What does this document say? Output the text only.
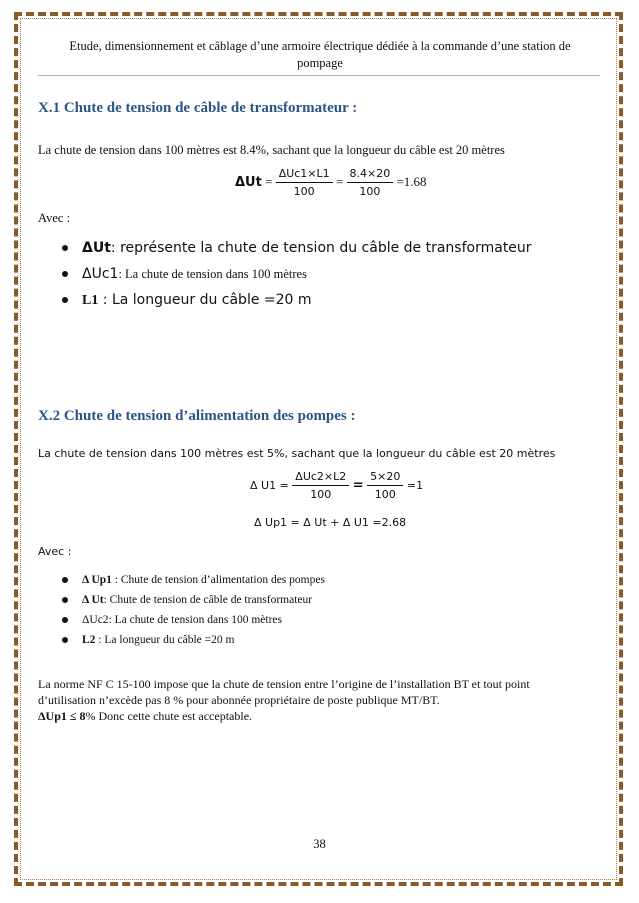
Etude, dimensionnement et câblage d’une armoire électrique dédiée à la commande d’une station de
pompage
X.1 Chute de tension de câble de transformateur :
La chute de tension dans 100 mètres est 8.4%, sachant que la longueur du câble est 20 mètres
$\Delta Ut = \frac{\text{ΔUc1×L1}}{100} = \frac{8.4\times 20}{100} =1.68$
Avec :
ΔUt: représente la chute de tension du câble de transformateur
ΔUc1: La chute de tension dans 100 mètres
L1 : La longueur du câble =20 m
X.2 Chute de tension d’alimentation des pompes :
La chute de tension dans 100 mètres est 5%, sachant que la longueur du câble est 20 mètres
Δ $U1 = \frac{\text{ΔUc2×L2}}{100} = \frac{5\times 20}{100} =1$
Δ Up1 = Δ Ut + Δ U1 =2.68
Avec :
Δ Up1 : Chute de tension d’alimentation des pompes
Δ Ut: Chute de tension de câble de transformateur
ΔUc2: La chute de tension dans 100 mètres
L2 : La longueur du câble =20 m
La norme NF C 15-100 impose que la chute de tension entre l’origine de l’installation BT et tout point
d’utilisation n’excède pas 8 % pour abonnée propriétaire de poste publique MT/BT.
ΔUp1 ≤ 8% Donc cette chute est acceptable.
38
